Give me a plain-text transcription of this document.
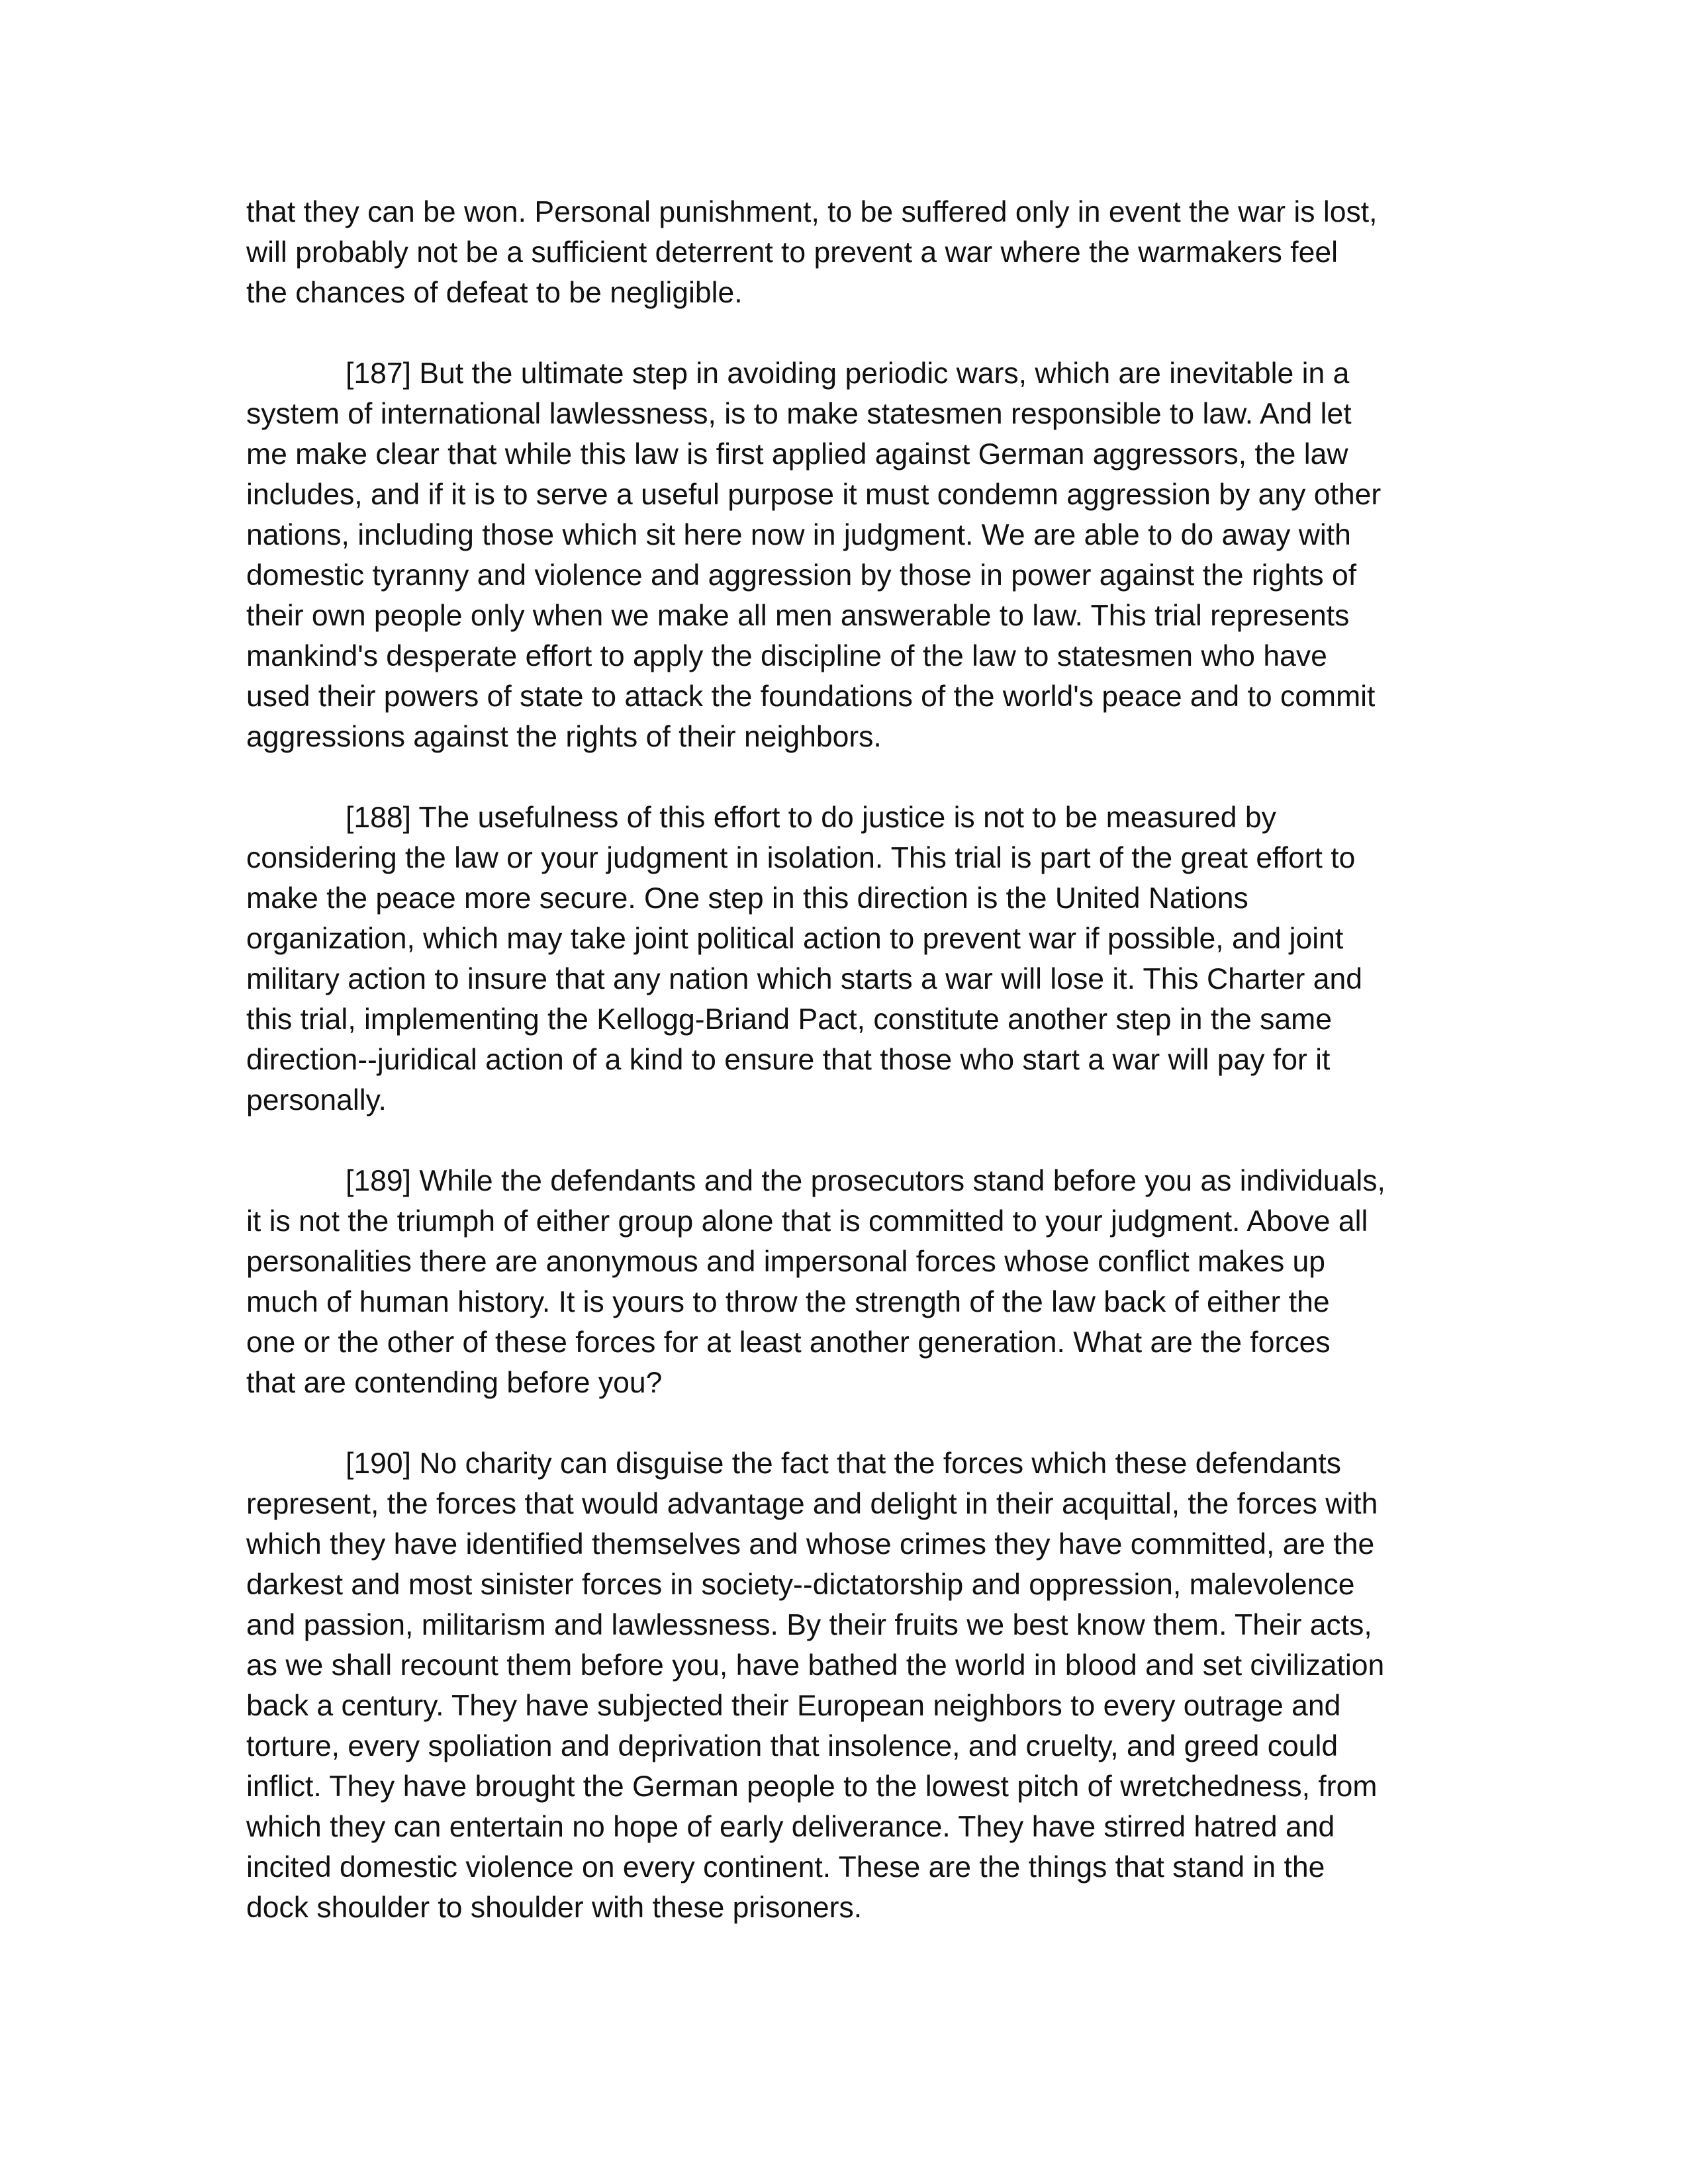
that they can be won. Personal punishment, to be suffered only in event the war is lost,
will probably not be a sufficient deterrent to prevent a war where the warmakers feel
the chances of defeat to be negligible.

[187] But the ultimate step in avoiding periodic wars, which are inevitable in a
system of international lawlessness, is to make statesmen responsible to law. And let
me make clear that while this law is first applied against German aggressors, the law
includes, and if it is to serve a useful purpose it must condemn aggression by any other
nations, including those which sit here now in judgment. We are able to do away with
domestic tyranny and violence and aggression by those in power against the rights of
their own people only when we make all men answerable to law. This trial represents
mankind's desperate effort to apply the discipline of the law to statesmen who have
used their powers of state to attack the foundations of the world's peace and to commit
aggressions against the rights of their neighbors.

[188] The usefulness of this effort to do justice is not to be measured by
considering the law or your judgment in isolation. This trial is part of the great effort to
make the peace more secure. One step in this direction is the United Nations
organization, which may take joint political action to prevent war if possible, and joint
military action to insure that any nation which starts a war will lose it. This Charter and
this trial, implementing the Kellogg-Briand Pact, constitute another step in the same
direction--juridical action of a kind to ensure that those who start a war will pay for it
personally.

[189] While the defendants and the prosecutors stand before you as individuals,
it is not the triumph of either group alone that is committed to your judgment. Above all
personalities there are anonymous and impersonal forces whose conflict makes up
much of human history. It is yours to throw the strength of the law back of either the
one or the other of these forces for at least another generation. What are the forces
that are contending before you?

[190] No charity can disguise the fact that the forces which these defendants
represent, the forces that would advantage and delight in their acquittal, the forces with
which they have identified themselves and whose crimes they have committed, are the
darkest and most sinister forces in society--dictatorship and oppression, malevolence
and passion, militarism and lawlessness. By their fruits we best know them. Their acts,
as we shall recount them before you, have bathed the world in blood and set civilization
back a century. They have subjected their European neighbors to every outrage and
torture, every spoliation and deprivation that insolence, and cruelty, and greed could
inflict. They have brought the German people to the lowest pitch of wretchedness, from
which they can entertain no hope of early deliverance. They have stirred hatred and
incited domestic violence on every continent. These are the things that stand in the
dock shoulder to shoulder with these prisoners.
